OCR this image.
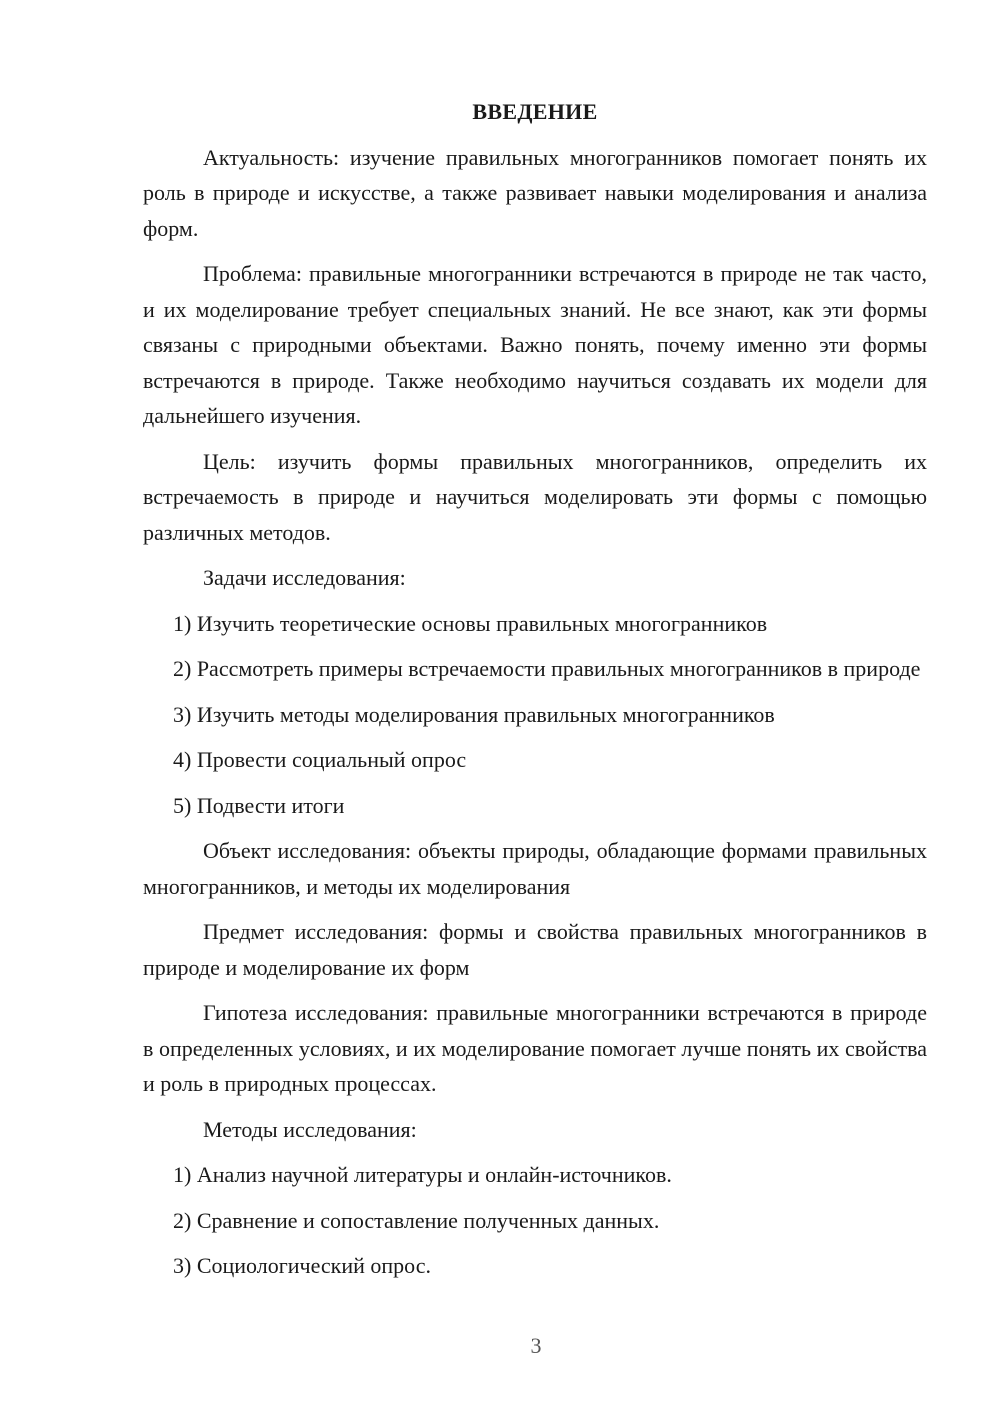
ВВЕДЕНИЕ

Актуальность: изучение правильных многогранников помогает понять их роль в природе и искусстве, а также развивает навыки моделирования и анализа форм.

Проблема: правильные многогранники встречаются в природе не так часто, и их моделирование требует специальных знаний. Не все знают, как эти формы связаны с природными объектами. Важно понять, почему именно эти формы встречаются в природе. Также необходимо научиться создавать их модели для дальнейшего изучения.

Цель: изучить формы правильных многогранников, определить их встречаемость в природе и научиться моделировать эти формы с помощью различных методов.

Задачи исследования:

1) Изучить теоретические основы правильных многогранников

2) Рассмотреть примеры встречаемости правильных многогранников в природе

3) Изучить методы моделирования правильных многогранников

4) Провести социальный опрос

5) Подвести итоги

Объект исследования: объекты природы, обладающие формами правильных многогранников, и методы их моделирования

Предмет исследования: формы и свойства правильных многогранников в природе и моделирование их форм

Гипотеза исследования: правильные многогранники встречаются в природе в определенных условиях, и их моделирование помогает лучше понять их свойства и роль в природных процессах.

Методы исследования:

1) Анализ научной литературы и онлайн-источников.

2) Сравнение и сопоставление полученных данных.

3) Социологический опрос.

3
